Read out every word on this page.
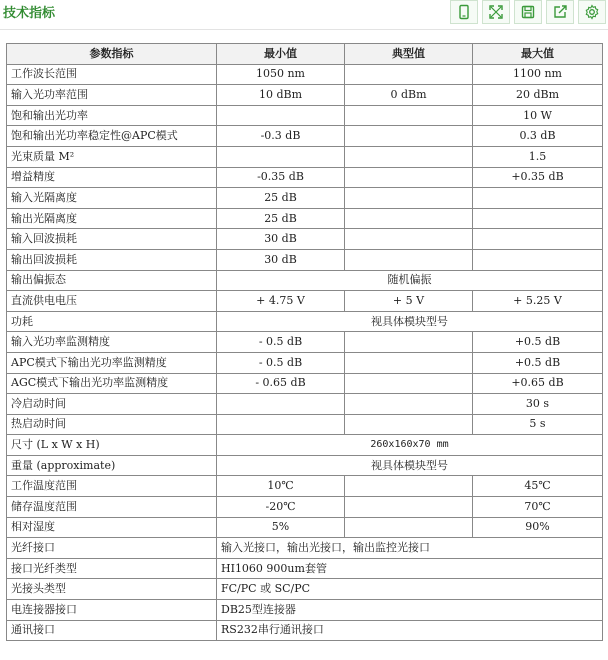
技术指标
参数指标	最小值	典型值	最大值
工作波长范围	1050 nm		1100 nm
输入光功率范围	10 dBm	0 dBm	20 dBm
饱和输出光功率			10 W
饱和输出光功率稳定性@APC模式	-0.3 dB		0.3 dB
光束质量 M²			1.5
增益精度	-0.35 dB		+0.35 dB
输入光隔离度	25 dB		
输出光隔离度	25 dB		
输入回波损耗	30 dB		
输出回波损耗	30 dB		
输出偏振态	随机偏振		
直流供电电压	+ 4.75 V	+ 5 V	+ 5.25 V
功耗	视具体模块型号		
输入光功率监测精度	- 0.5 dB		+0.5 dB
APC模式下输出光功率监测精度	- 0.5 dB		+0.5 dB
AGC模式下输出光功率监测精度	- 0.65 dB		+0.65 dB
冷启动时间			30 s
热启动时间			5 s
尺寸 (L x W x H)	260x160x70 mm		
重量 (approximate)	视具体模块型号		
工作温度范围	10℃		45℃
储存温度范围	-20℃		70℃
相对湿度	5%		90%
光纤接口	输入光接口，输出光接口，输出监控光接口		
接口光纤类型	HI1060 900um套管		
光接头类型	FC/PC 或 SC/PC		
电连接器接口	DB25型连接器		
通讯接口	RS232串行通讯接口		
